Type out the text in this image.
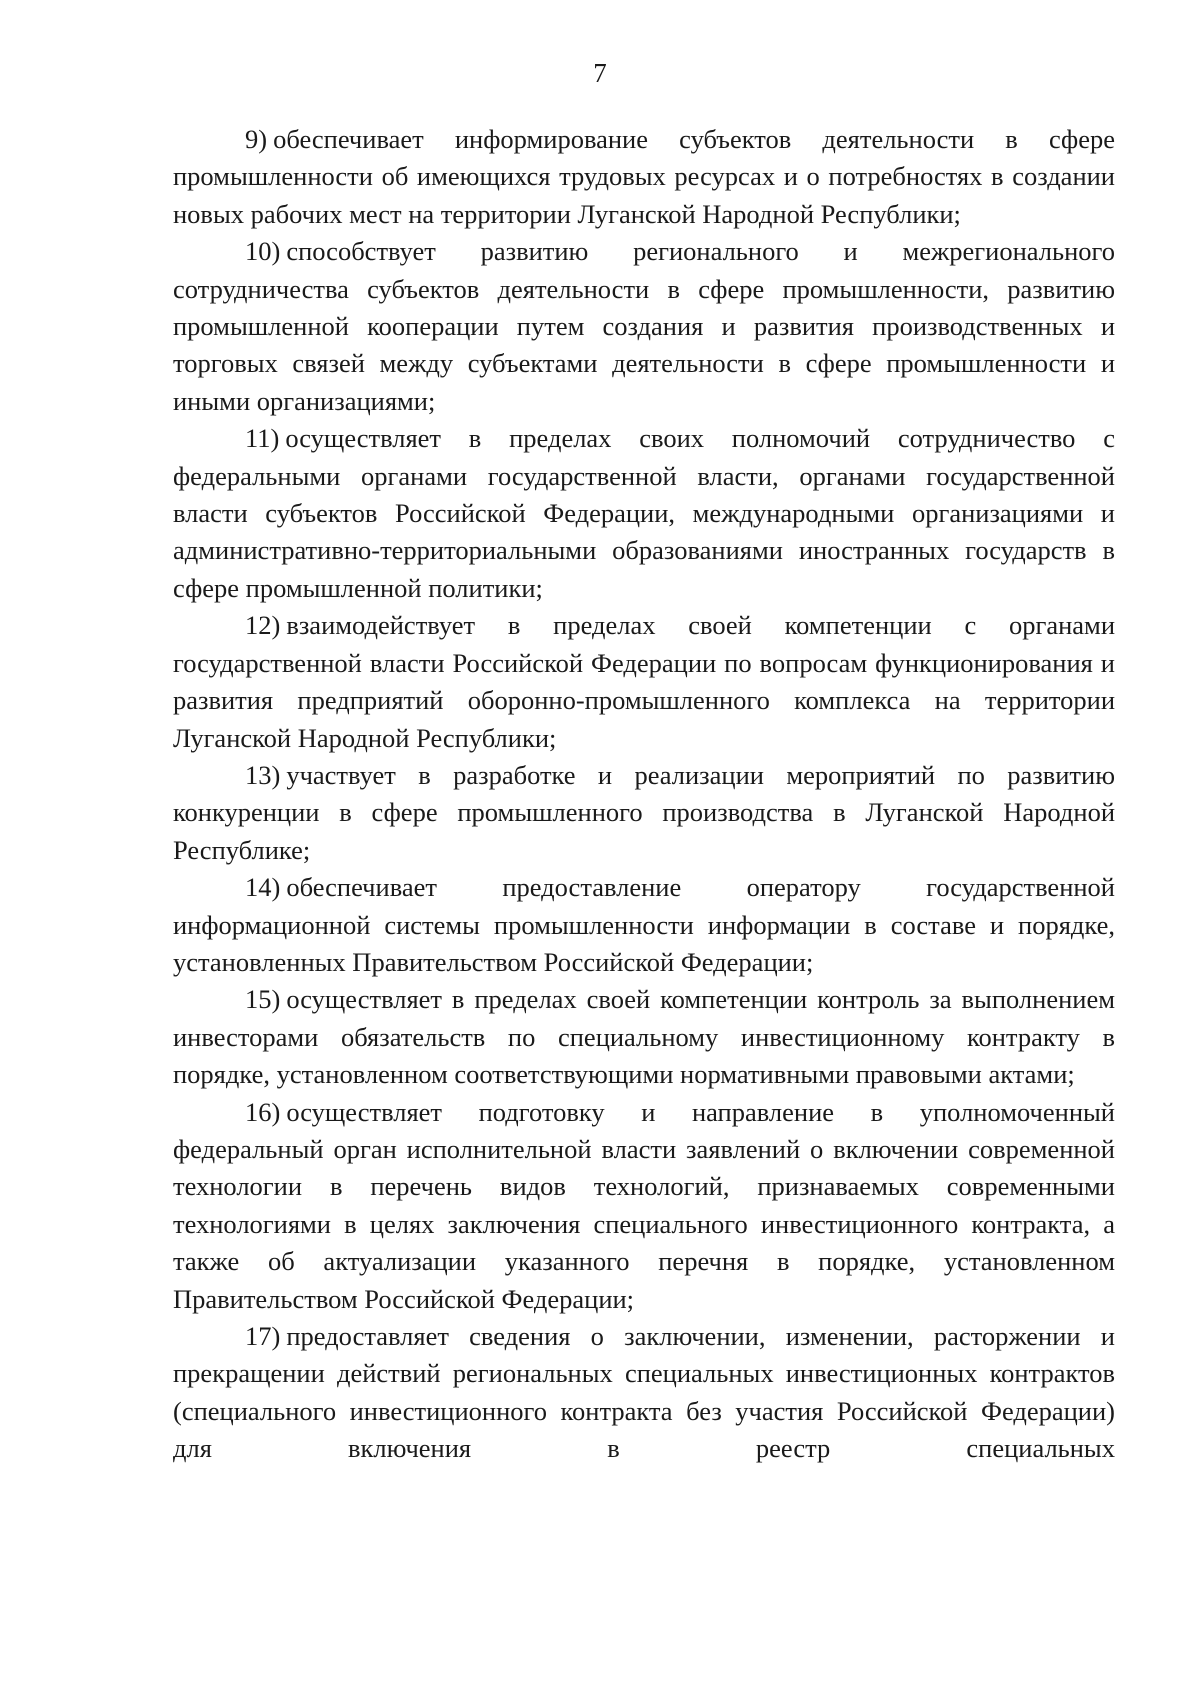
7

9) обеспечивает информирование субъектов деятельности в сфере промышленности об имеющихся трудовых ресурсах и о потребностях в создании новых рабочих мест на территории Луганской Народной Республики;

10) способствует развитию регионального и межрегионального сотрудничества субъектов деятельности в сфере промышленности, развитию промышленной кооперации путем создания и развития производственных и торговых связей между субъектами деятельности в сфере промышленности и иными организациями;

11) осуществляет в пределах своих полномочий сотрудничество с федеральными органами государственной власти, органами государственной власти субъектов Российской Федерации, международными организациями и административно-территориальными образованиями иностранных государств в сфере промышленной политики;

12) взаимодействует в пределах своей компетенции с органами государственной власти Российской Федерации по вопросам функционирования и развития предприятий оборонно-промышленного комплекса на территории Луганской Народной Республики;

13) участвует в разработке и реализации мероприятий по развитию конкуренции в сфере промышленного производства в Луганской Народной Республике;

14) обеспечивает предоставление оператору государственной информационной системы промышленности информации в составе и порядке, установленных Правительством Российской Федерации;

15) осуществляет в пределах своей компетенции контроль за выполнением инвесторами обязательств по специальному инвестиционному контракту в порядке, установленном соответствующими нормативными правовыми актами;

16) осуществляет подготовку и направление в уполномоченный федеральный орган исполнительной власти заявлений о включении современной технологии в перечень видов технологий, признаваемых современными технологиями в целях заключения специального инвестиционного контракта, а также об актуализации указанного перечня в порядке, установленном Правительством Российской Федерации;

17) предоставляет сведения о заключении, изменении, расторжении и прекращении действий региональных специальных инвестиционных контрактов (специального инвестиционного контракта без участия Российской Федерации) для включения в реестр специальных
